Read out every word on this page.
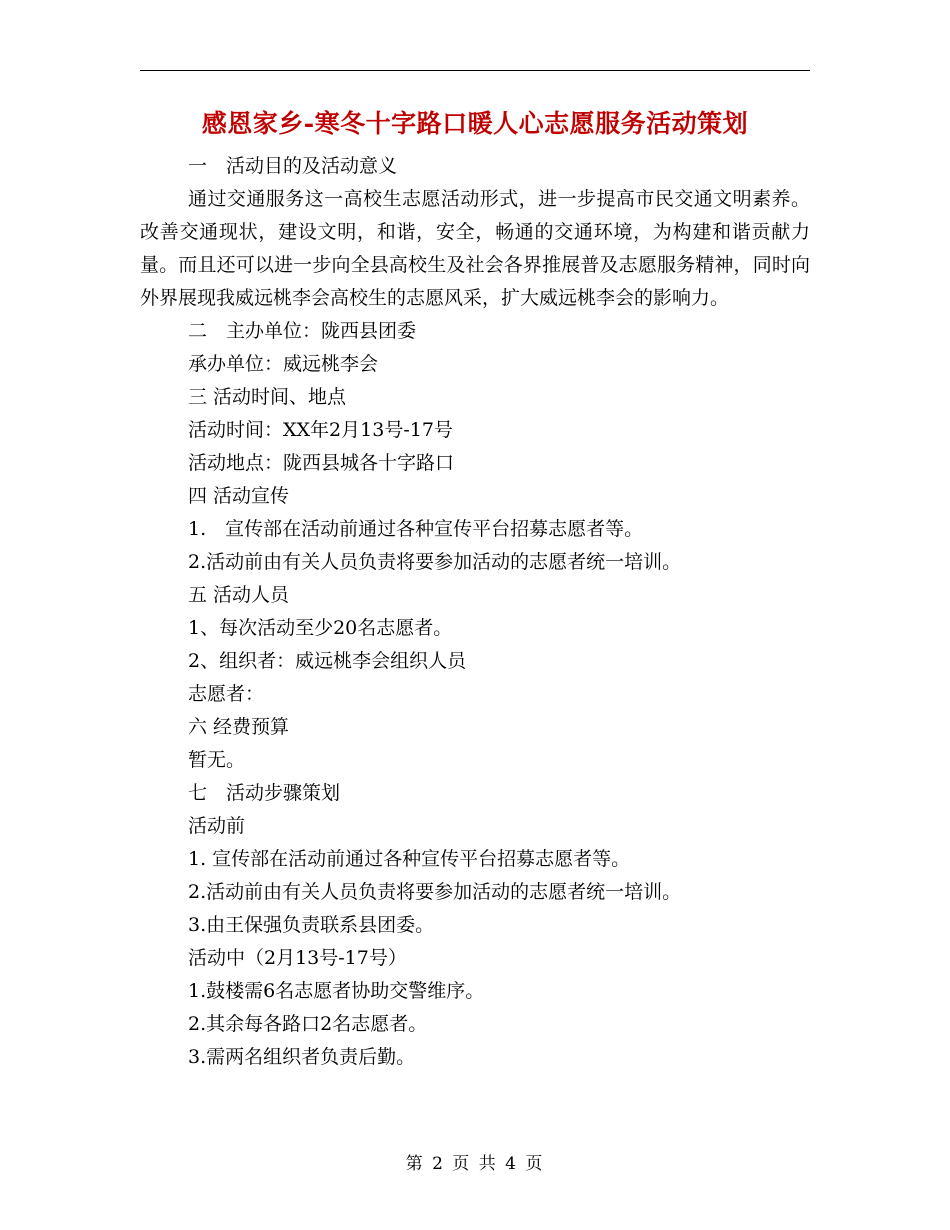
感恩家乡-寒冬十字路口暖人心志愿服务活动策划
一　活动目的及活动意义
通过交通服务这一高校生志愿活动形式，进一步提高市民交通文明素养。改善交通现状，建设文明，和谐，安全，畅通的交通环境，为构建和谐贡献力量。而且还可以进一步向全县高校生及社会各界推展普及志愿服务精神，同时向外界展现我威远桃李会高校生的志愿风采，扩大威远桃李会的影响力。
二　主办单位：陇西县团委
承办单位：威远桃李会
三 活动时间、地点
活动时间：XX年2月13号-17号
活动地点：陇西县城各十字路口
四 活动宣传
1.　宣传部在活动前通过各种宣传平台招募志愿者等。
2.活动前由有关人员负责将要参加活动的志愿者统一培训。
五 活动人员
1、每次活动至少20名志愿者。
2、组织者：威远桃李会组织人员
志愿者：
六 经费预算
暂无。
七　活动步骤策划
活动前
1. 宣传部在活动前通过各种宣传平台招募志愿者等。
2.活动前由有关人员负责将要参加活动的志愿者统一培训。
3.由王保强负责联系县团委。
活动中（2月13号-17号）
1.鼓楼需6名志愿者协助交警维序。
2.其余每各路口2名志愿者。
3.需两名组织者负责后勤。
第 2 页 共 4 页
